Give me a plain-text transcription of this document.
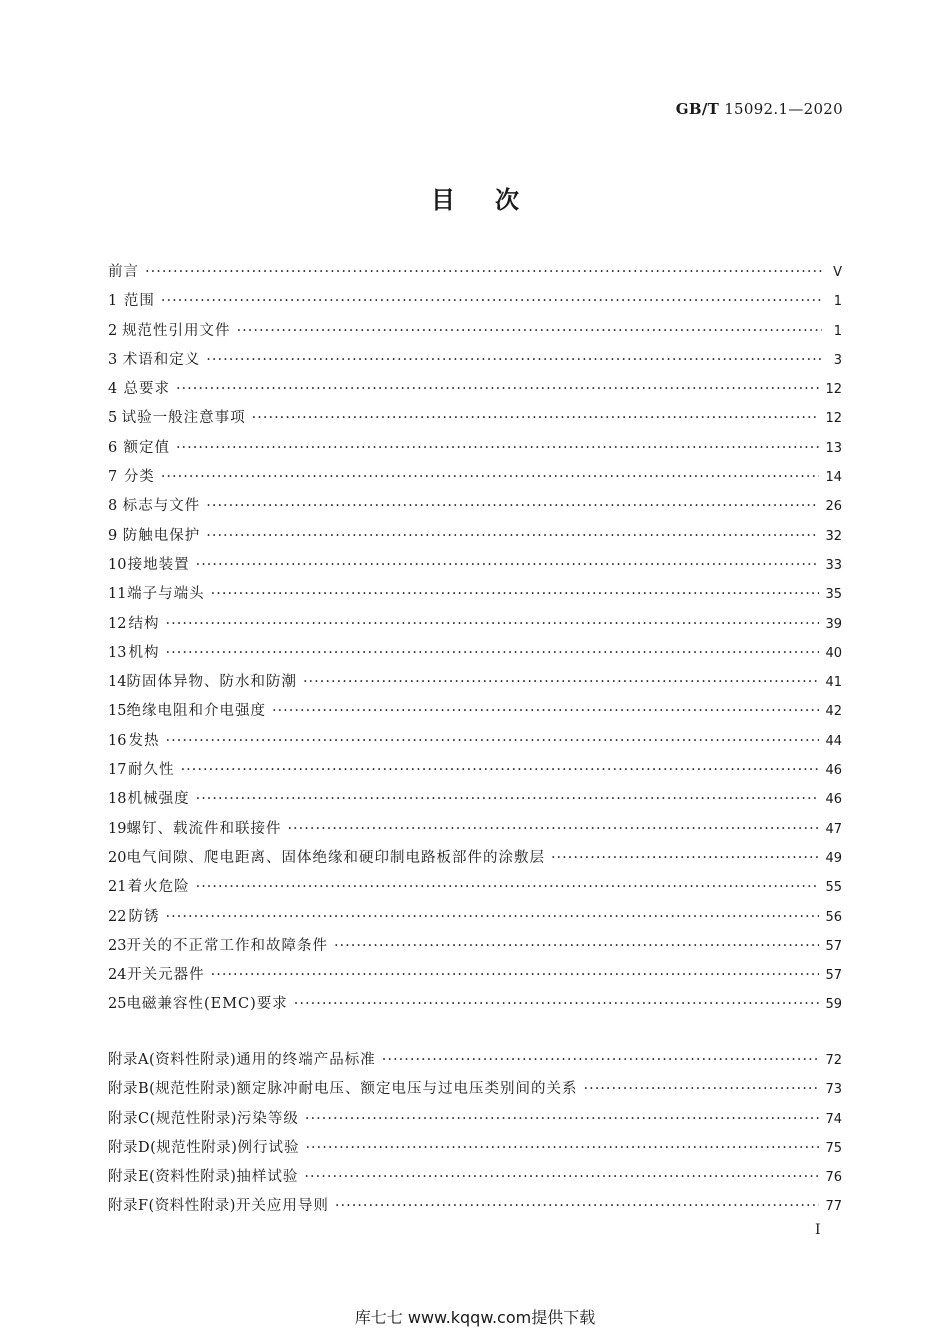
GB/T 15092.1—2020
目次
前言 ·····	V
1 范围 ·····	1
2 规范性引用文件 ·····	1
3 术语和定义 ·····	3
4 总要求 ·····	12
5 试验一般注意事项 ·····	12
6 额定值 ·····	13
7 分类 ·····	14
8 标志与文件 ·····	26
9 防触电保护 ·····	32
10 接地装置 ·····	33
11 端子与端头 ·····	35
12 结构 ·····	39
13 机构 ·····	40
14 防固体异物、防水和防潮 ·····	41
15 绝缘电阻和介电强度 ·····	42
16 发热 ·····	44
17 耐久性 ·····	46
18 机械强度 ·····	46
19 螺钉、载流件和联接件 ·····	47
20 电气间隙、爬电距离、固体绝缘和硬印制电路板部件的涂敷层 ·····	49
21 着火危险 ·····	55
22 防锈 ·····	56
23 开关的不正常工作和故障条件 ·····	57
24 开关元器件 ·····	57
25 电磁兼容性(EMC)要求 ·····	59
附录A(资料性附录) 通用的终端产品标准 ·····	72
附录B(规范性附录) 额定脉冲耐电压、额定电压与过电压类别间的关系 ·····	73
附录C(规范性附录) 污染等级 ·····	74
附录D(规范性附录) 例行试验 ·····	75
附录E(资料性附录) 抽样试验 ·····	76
附录F(资料性附录) 开关应用导则 ·····	77
I
库七七 www.kqqw.com提供下载
